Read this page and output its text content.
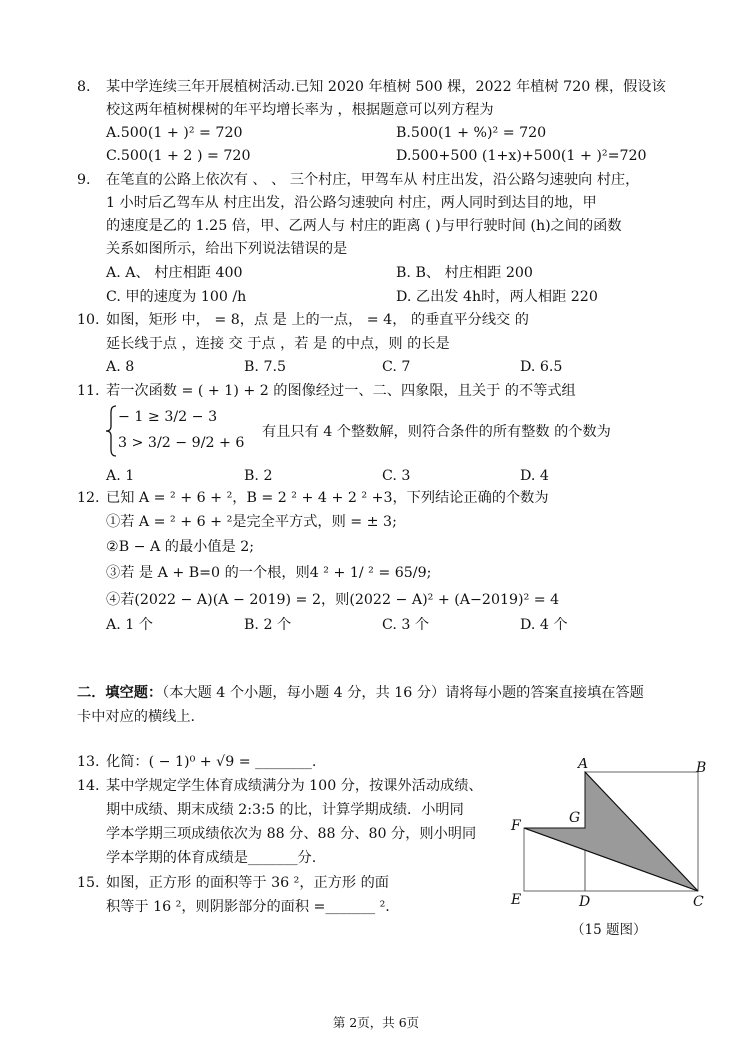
8. 某中学连续三年开展植树活动.已知 2020 年植树 500 棵，2022 年植树 720 棵，假设该
校这两年植树棵树的年平均增长率为 ，根据题意可以列方程为
A.500(1 + )² = 720	B.500(1 + %)² = 720
C.500(1 + 2 ) = 720	D.500+500 (1+x)+500(1 + )²=720
9. 在笔直的公路上依次有 、 、 三个村庄，甲驾车从 村庄出发，沿公路匀速驶向 村庄，
1 小时后乙驾车从 村庄出发，沿公路匀速驶向 村庄，两人同时到达目的地，甲
的速度是乙的 1.25 倍，甲、乙两人与 村庄的距离 ( )与甲行驶时间 (h)之间的函数
关系如图所示，给出下列说法错误的是
A. A、 村庄相距 400	B. B、 村庄相距 200
C. 甲的速度为 100 /h	D. 乙出发 4h时，两人相距 220
10. 如图，矩形 中， = 8，点 是 上的一点， = 4， 的垂直平分线交 的
延长线于点 ，连接 交 于点 ，若 是 的中点，则 的长是
A. 8	B. 7.5	C. 7	D. 6.5
11. 若一次函数 = ( + 1) + 2 的图像经过一、二、四象限，且关于 的不等式组
− 1 ≥ 3/2 − 3
3 > 3/2 − 9/2 + 6
有且只有 4 个整数解，则符合条件的所有整数 的个数为
A. 1	B. 2	C. 3	D. 4
12. 已知 A = ² + 6 + ²，B = 2 ² + 4 + 2 ² +3，下列结论正确的个数为
①若 A = ² + 6 + ²是完全平方式，则 = ± 3;
②B − A 的最小值是 2;
③若 是 A + B=0 的一个根，则4 ² + 1/ ² = 65/9;
④若(2022 − A)(A − 2019) = 2，则(2022 − A)² + (A−2019)² = 4
A. 1 个	B. 2 个	C. 3 个	D. 4 个
二．填空题：（本大题 4 个小题，每小题 4 分，共 16 分）请将每小题的答案直接填在答题
卡中对应的横线上.
13. 化简：( − 1)⁰ + √9 = ________.
14. 某中学规定学生体育成绩满分为 100 分，按课外活动成绩、
期中成绩、期末成绩 2:3:5 的比，计算学期成绩．小明同
学本学期三项成绩依次为 88 分、88 分、80 分，则小明同
学本学期的体育成绩是_______分.
15. 如图，正方形 的面积等于 36 ²，正方形 的面
积等于 16 ²，则阴影部分的面积 =_______ ².
A	B
G
F
E	D	C
（15 题图）
第 2页，共 6页
